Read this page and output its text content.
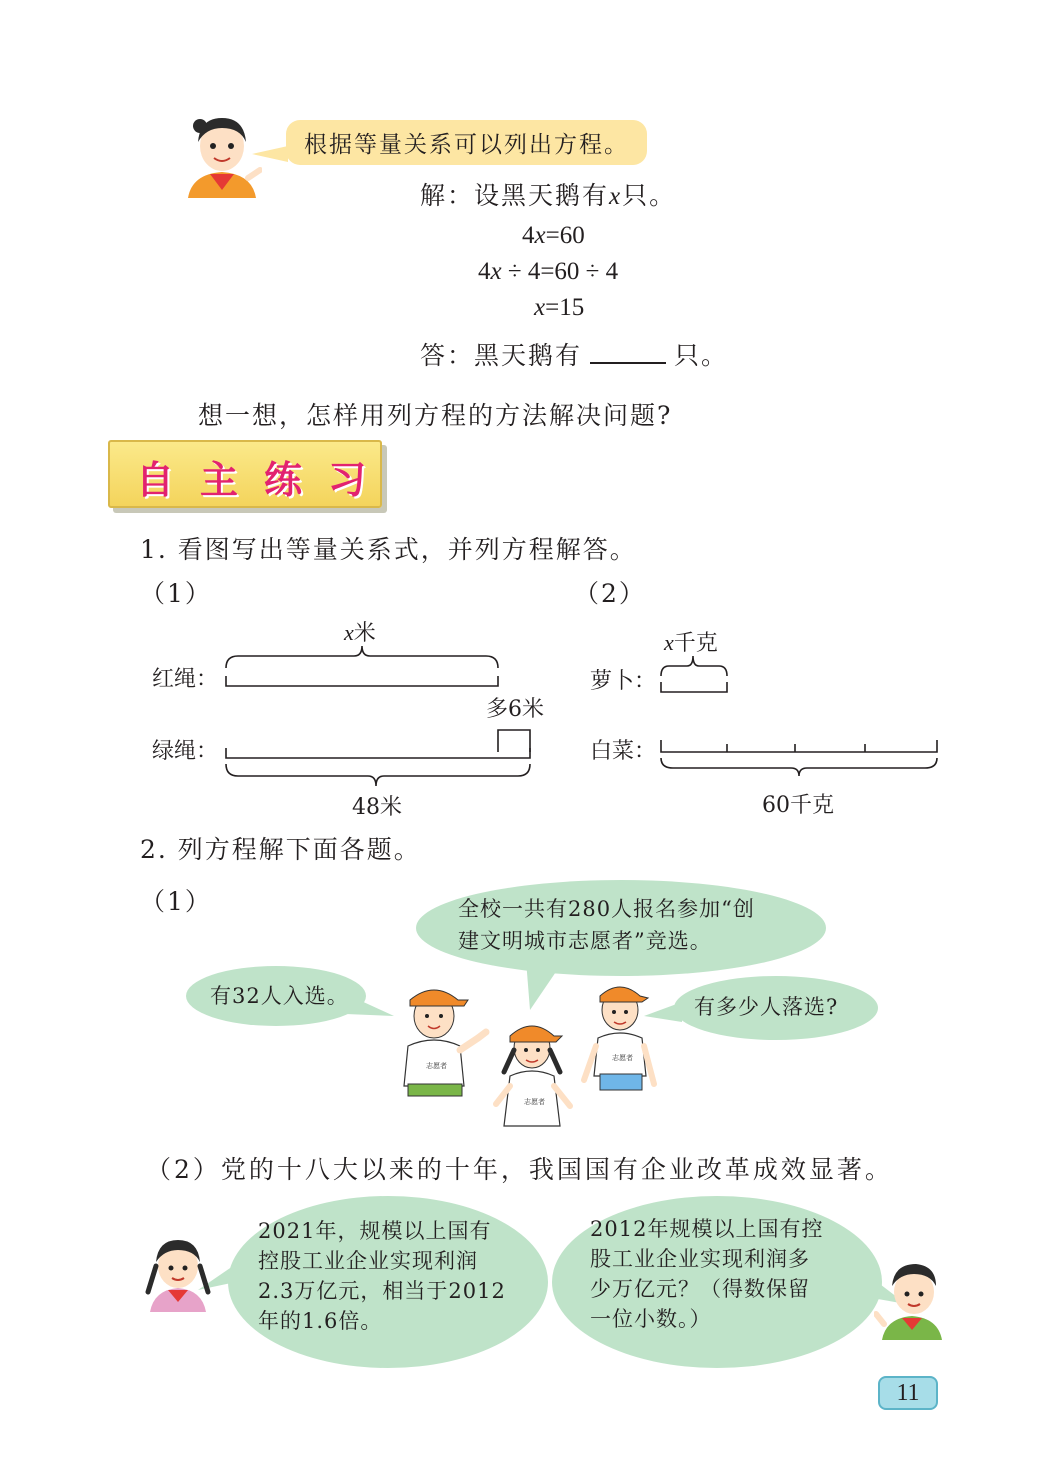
根据等量关系可以列出方程。
解：设黑天鹅有x只。
4x=60
4x ÷ 4=60 ÷ 4
x=15
答：黑天鹅有	只。
想一想，怎样用列方程的方法解决问题?
自主练习
1. 看图写出等量关系式，并列方程解答。
（1）	（2）
x米
红绳：
多6米
绿绳：
48米
x千克
萝卜：
白菜：
60千克
2. 列方程解下面各题。
（1）	全校一共有280人报名参加“创
建文明城市志愿者”竞选。
有32人入选。	有多少人落选?
志愿者
志愿者
志愿者
（2）党的十八大以来的十年，我国国有企业改革成效显著。
2021年，规模以上国有
控股工业企业实现利润
2.3万亿元，相当于2012
年的1.6倍。
2012年规模以上国有控
股工业企业实现利润多
少万亿元？（得数保留
一位小数。）
11
